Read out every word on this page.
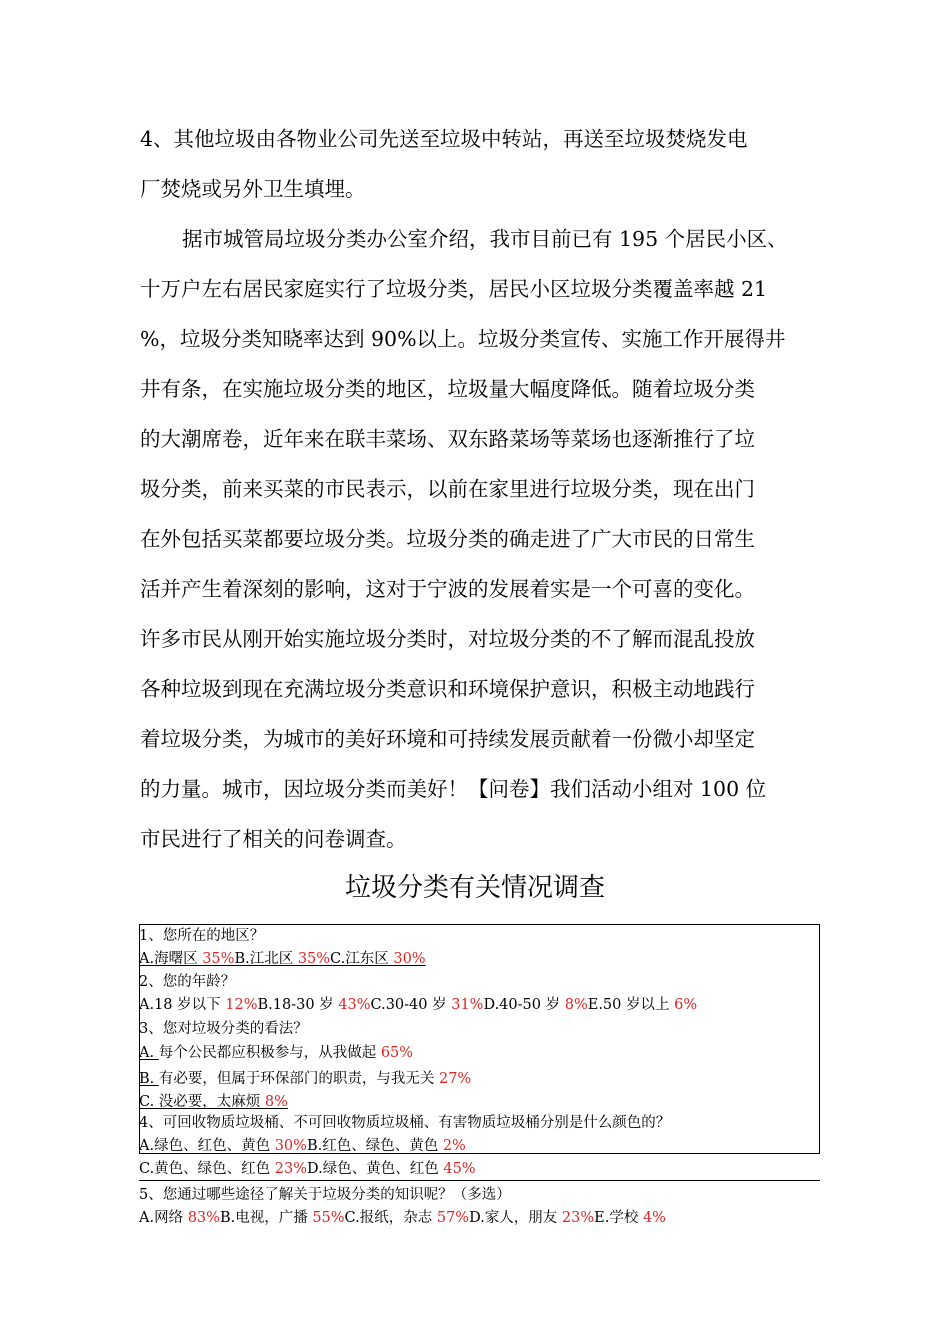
4、其他垃圾由各物业公司先送至垃圾中转站，再送至垃圾焚烧发电
厂焚烧或另外卫生填埋。

据市城管局垃圾分类办公室介绍，我市目前已有 195 个居民小区、
十万户左右居民家庭实行了垃圾分类，居民小区垃圾分类覆盖率越 21
%，垃圾分类知晓率达到 90%以上。垃圾分类宣传、实施工作开展得井
井有条，在实施垃圾分类的地区，垃圾量大幅度降低。随着垃圾分类
的大潮席卷，近年来在联丰菜场、双东路菜场等菜场也逐渐推行了垃
圾分类，前来买菜的市民表示，以前在家里进行垃圾分类，现在出门
在外包括买菜都要垃圾分类。垃圾分类的确走进了广大市民的日常生
活并产生着深刻的影响，这对于宁波的发展着实是一个可喜的变化。
许多市民从刚开始实施垃圾分类时，对垃圾分类的不了解而混乱投放
各种垃圾到现在充满垃圾分类意识和环境保护意识，积极主动地践行
着垃圾分类，为城市的美好环境和可持续发展贡献着一份微小却坚定
的力量。城市，因垃圾分类而美好！【问卷】我们活动小组对 100 位
市民进行了相关的问卷调查。

垃圾分类有关情况调查
1、您所在的地区？
A.海曙区 35%B.江北区 35%C.江东区 30%
2、您的年龄？
A.18 岁以下 12%B.18-30 岁 43%C.30-40 岁 31%D.40-50 岁 8%E.50 岁以上 6%
3、您对垃圾分类的看法？
A. 每个公民都应积极参与，从我做起 65%
B. 有必要，但属于环保部门的职责，与我无关 27%
C. 没必要，太麻烦 8%
4、可回收物质垃圾桶、不可回收物质垃圾桶、有害物质垃圾桶分别是什么颜色的？
A.绿色、红色、黄色 30%B.红色、绿色、黄色 2%
C.黄色、绿色、红色 23%D.绿色、黄色、红色 45%
5、您通过哪些途径了解关于垃圾分类的知识呢？（多选）
A.网络 83%B.电视，广播 55%C.报纸，杂志 57%D.家人，朋友 23%E.学校 4%
